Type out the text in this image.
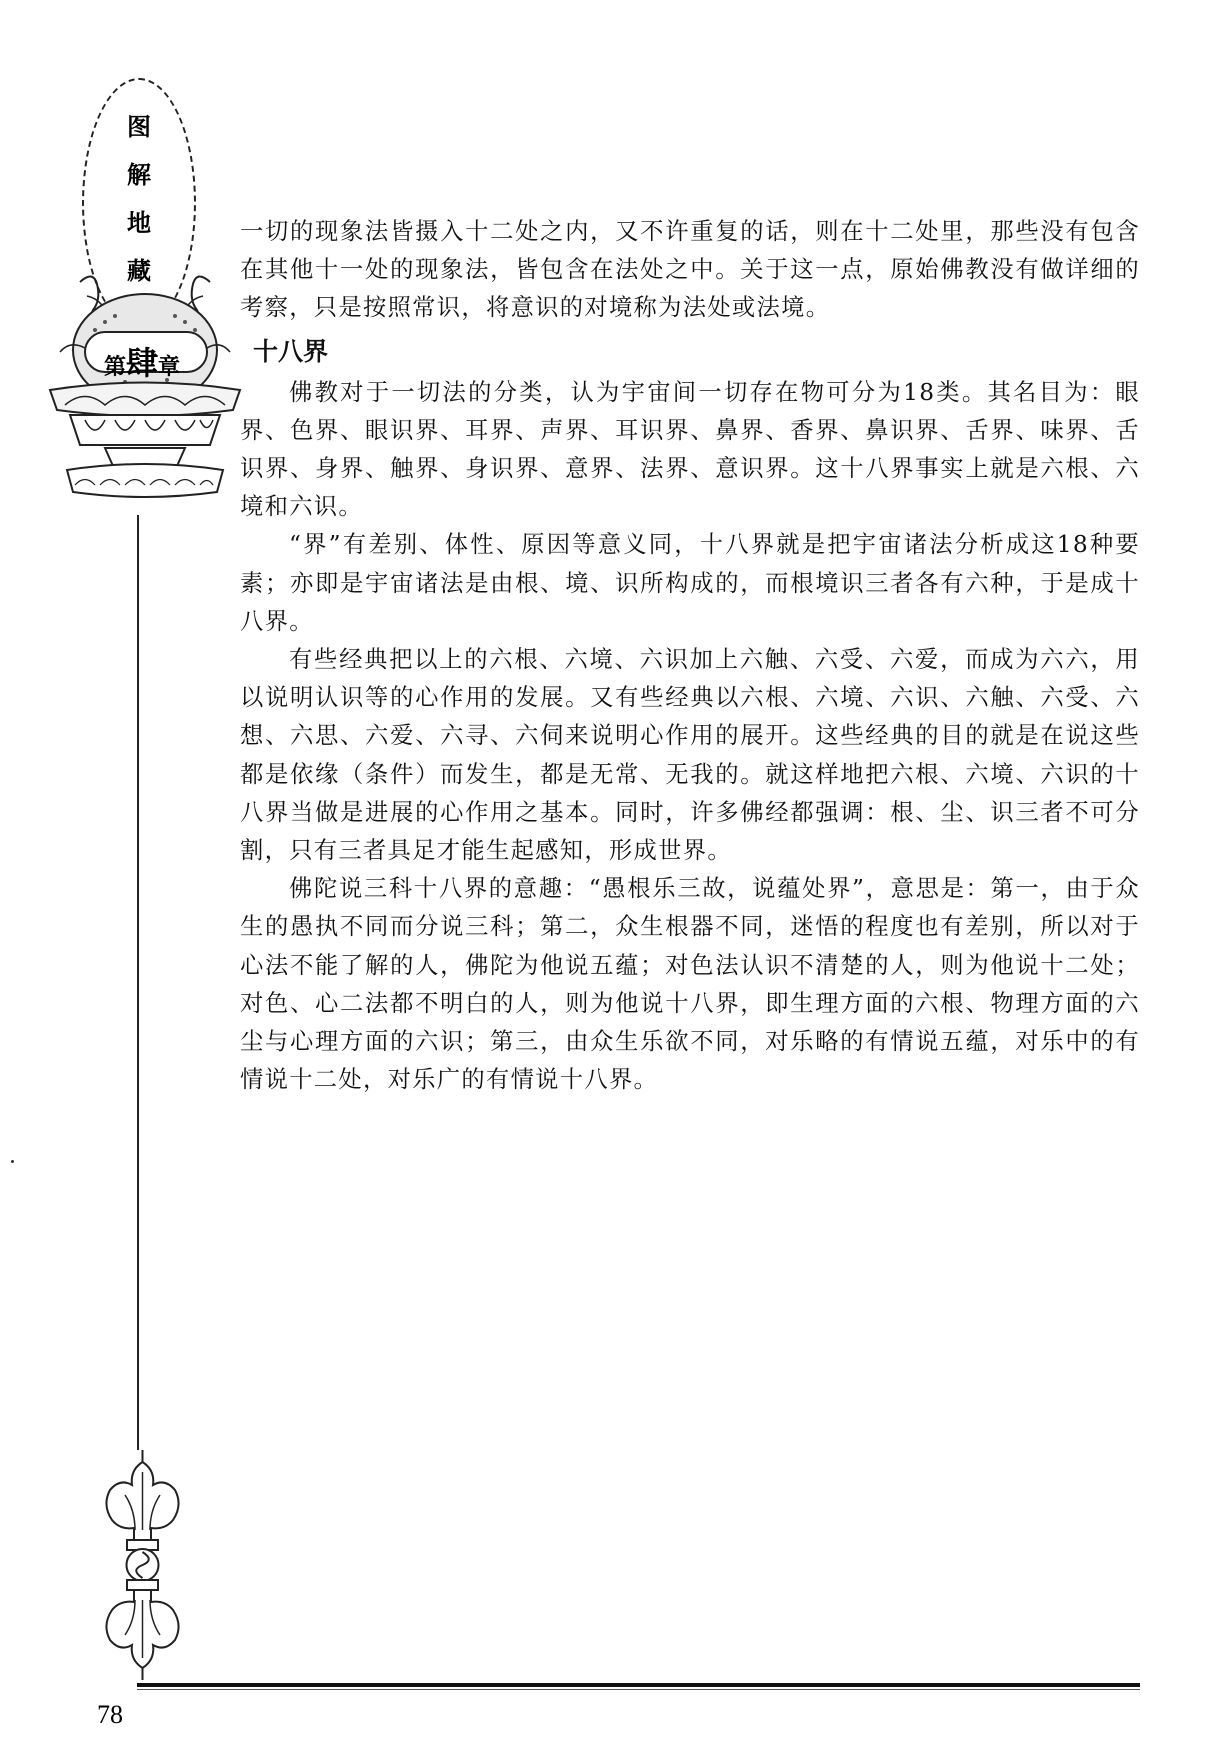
图
解
地
藏
第肆章

一切的现象法皆摄入十二处之内，又不许重复的话，则在十二处里，那些没有包含在其他十一处的现象法，皆包含在法处之中。关于这一点，原始佛教没有做详细的考察，只是按照常识，将意识的对境称为法处或法境。

十八界

佛教对于一切法的分类，认为宇宙间一切存在物可分为18类。其名目为：眼界、色界、眼识界、耳界、声界、耳识界、鼻界、香界、鼻识界、舌界、味界、舌识界、身界、触界、身识界、意界、法界、意识界。这十八界事实上就是六根、六境和六识。

“界”有差别、体性、原因等意义同，十八界就是把宇宙诸法分析成这18种要素；亦即是宇宙诸法是由根、境、识所构成的，而根境识三者各有六种，于是成十八界。

有些经典把以上的六根、六境、六识加上六触、六受、六爱，而成为六六，用以说明认识等的心作用的发展。又有些经典以六根、六境、六识、六触、六受、六想、六思、六爱、六寻、六伺来说明心作用的展开。这些经典的目的就是在说这些都是依缘（条件）而发生，都是无常、无我的。就这样地把六根、六境、六识的十八界当做是进展的心作用之基本。同时，许多佛经都强调：根、尘、识三者不可分割，只有三者具足才能生起感知，形成世界。

佛陀说三科十八界的意趣：“愚根乐三故，说蕴处界”，意思是：第一，由于众生的愚执不同而分说三科；第二，众生根器不同，迷悟的程度也有差别，所以对于心法不能了解的人，佛陀为他说五蕴；对色法认识不清楚的人，则为他说十二处；对色、心二法都不明白的人，则为他说十八界，即生理方面的六根、物理方面的六尘与心理方面的六识；第三，由众生乐欲不同，对乐略的有情说五蕴，对乐中的有情说十二处，对乐广的有情说十八界。

78
